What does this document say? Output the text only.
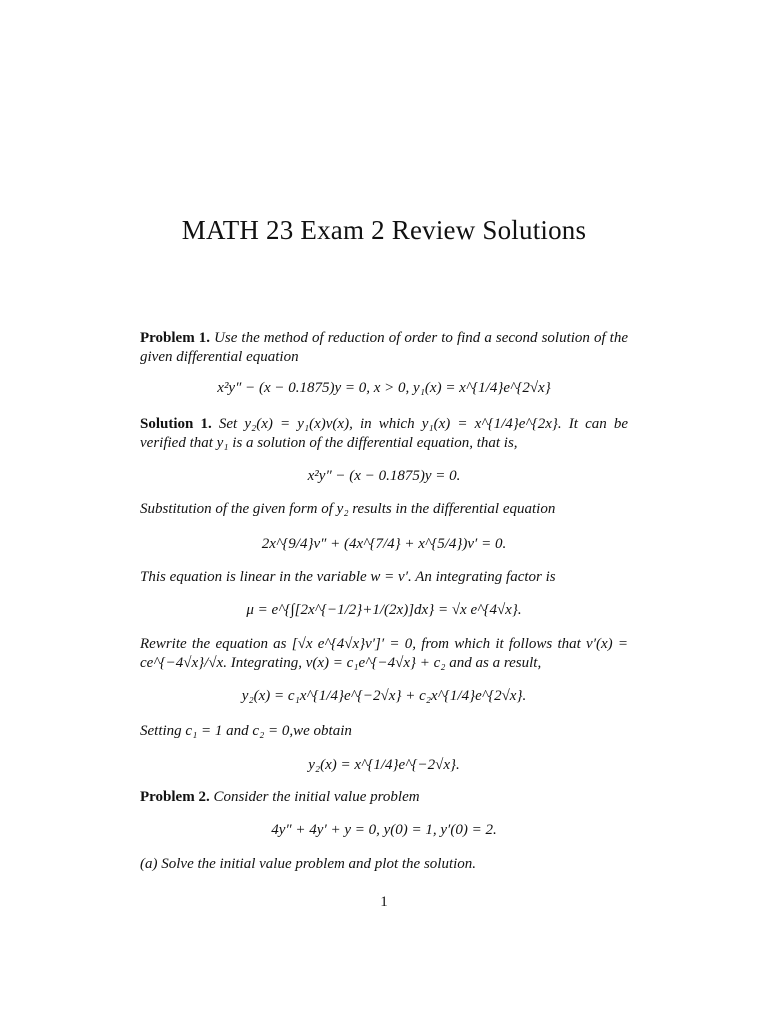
MATH 23 Exam 2 Review Solutions
Problem 1. Use the method of reduction of order to find a second solution of the given differential equation
x²y″ − (x − 0.1875)y = 0, x > 0, y₁(x) = x^{1/4}e^{2√x}
Solution 1. Set y₂(x) = y₁(x)v(x), in which y₁(x) = x^{1/4}e^{2x}. It can be verified that y₁ is a solution of the differential equation, that is,
x²y″ − (x − 0.1875)y = 0.
Substitution of the given form of y₂ results in the differential equation
2x^{9/4}v″ + (4x^{7/4} + x^{5/4})v′ = 0.
This equation is linear in the variable w = v′. An integrating factor is
μ = e^{∫[2x^{−1/2}+1/(2x)]dx} = √x e^{4√x}.
Rewrite the equation as [√x e^{4√x}v′]′ = 0, from which it follows that v′(x) = ce^{−4√x}/√x. Integrating, v(x) = c₁e^{−4√x} + c₂ and as a result,
y₂(x) = c₁x^{1/4}e^{−2√x} + c₂x^{1/4}e^{2√x}.
Setting c₁ = 1 and c₂ = 0,we obtain
y₂(x) = x^{1/4}e^{−2√x}.
Problem 2. Consider the initial value problem
4y″ + 4y′ + y = 0, y(0) = 1, y′(0) = 2.
(a) Solve the initial value problem and plot the solution.
1
